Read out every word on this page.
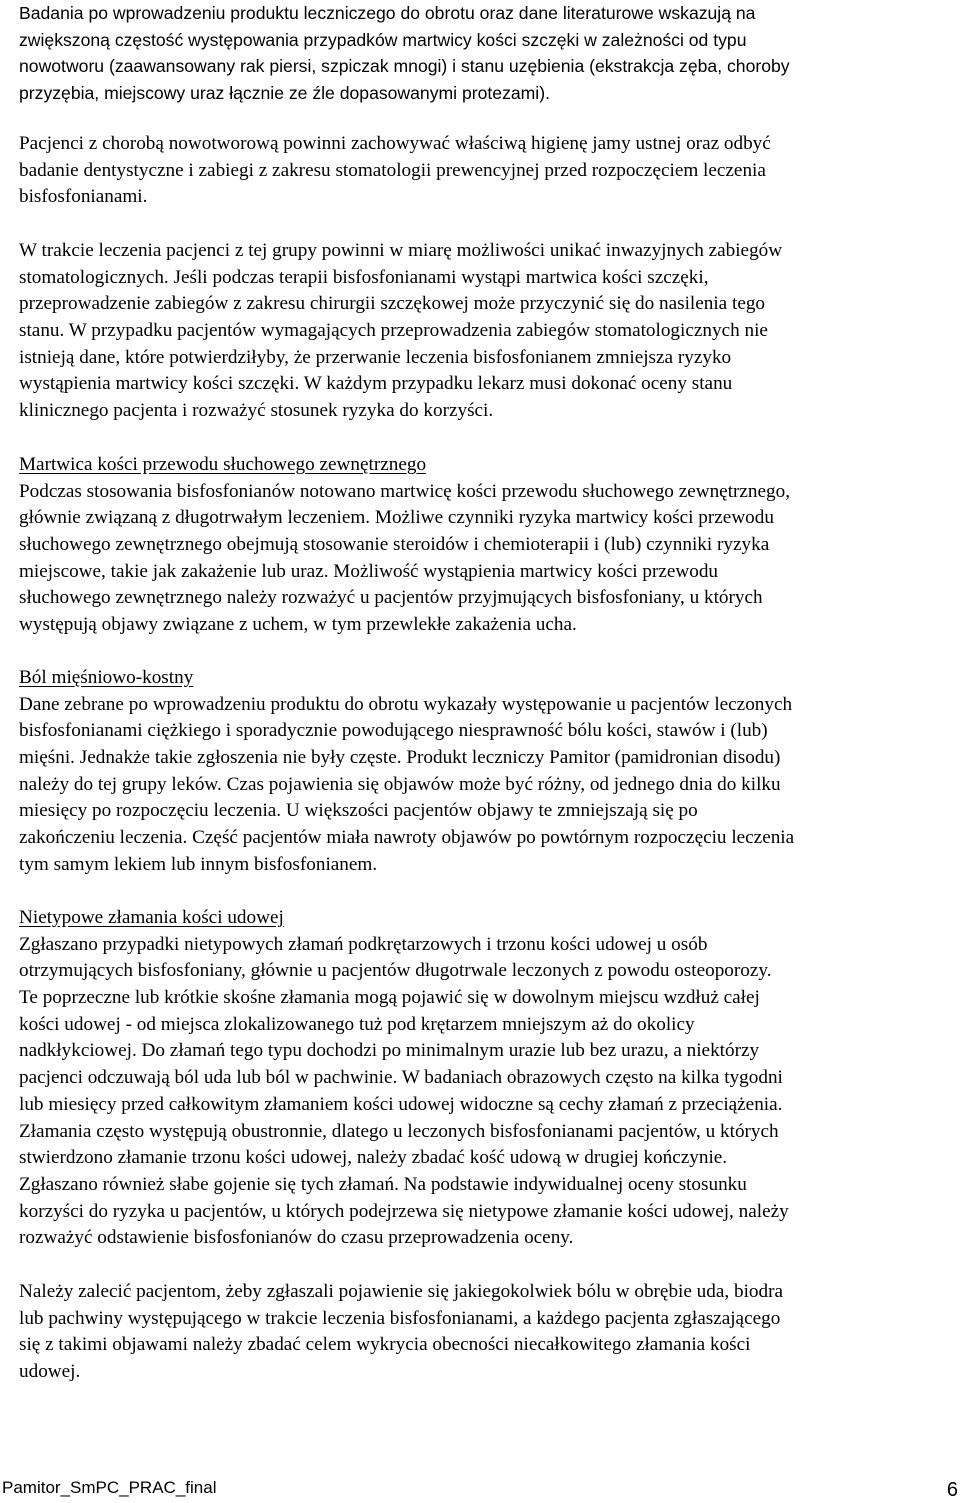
Badania po wprowadzeniu produktu leczniczego do obrotu oraz dane literaturowe wskazują na
zwiększoną częstość występowania przypadków martwicy kości szczęki w zależności od typu
nowotworu (zaawansowany rak piersi, szpiczak mnogi) i stanu uzębienia (ekstrakcja zęba, choroby
przyzębia, miejscowy uraz łącznie ze źle dopasowanymi protezami).
Pacjenci z chorobą nowotworową powinni zachowywać właściwą higienę jamy ustnej oraz odbyć
badanie dentystyczne i zabiegi z zakresu stomatologii prewencyjnej przed rozpoczęciem leczenia
bisfosfonianami.
W trakcie leczenia pacjenci z tej grupy powinni w miarę możliwości unikać inwazyjnych zabiegów
stomatologicznych. Jeśli podczas terapii bisfosfonianami wystąpi martwica kości szczęki,
przeprowadzenie zabiegów z zakresu chirurgii szczękowej może przyczynić się do nasilenia tego
stanu. W przypadku pacjentów wymagających przeprowadzenia zabiegów stomatologicznych nie
istnieją dane, które potwierdziłyby, że przerwanie leczenia bisfosfonianem zmniejsza ryzyko
wystąpienia martwicy kości szczęki. W każdym przypadku lekarz musi dokonać oceny stanu
klinicznego pacjenta i rozważyć stosunek ryzyka do korzyści.
Martwica kości przewodu słuchowego zewnętrznego
Podczas stosowania bisfosfonianów notowano martwicę kości przewodu słuchowego zewnętrznego,
głównie związaną z długotrwałym leczeniem. Możliwe czynniki ryzyka martwicy kości przewodu
słuchowego zewnętrznego obejmują stosowanie steroidów i chemioterapii i (lub) czynniki ryzyka
miejscowe, takie jak zakażenie lub uraz. Możliwość wystąpienia martwicy kości przewodu
słuchowego zewnętrznego należy rozważyć u pacjentów przyjmujących bisfosfoniany, u których
występują objawy związane z uchem, w tym przewlekłe zakażenia ucha.
Ból mięśniowo-kostny
Dane zebrane po wprowadzeniu produktu do obrotu wykazały występowanie u pacjentów leczonych
bisfosfonianami ciężkiego i sporadycznie powodującego niesprawność bólu kości, stawów i (lub)
mięśni. Jednakże takie zgłoszenia nie były częste. Produkt leczniczy Pamitor (pamidronian disodu)
należy do tej grupy leków. Czas pojawienia się objawów może być różny, od jednego dnia do kilku
miesięcy po rozpoczęciu leczenia. U większości pacjentów objawy te zmniejszają się po
zakończeniu leczenia. Część pacjentów miała nawroty objawów po powtórnym rozpoczęciu leczenia
tym samym lekiem lub innym bisfosfonianem.
Nietypowe złamania kości udowej
Zgłaszano przypadki nietypowych złamań podkrętarzowych i trzonu kości udowej u osób
otrzymujących bisfosfoniany, głównie u pacjentów długotrwale leczonych z powodu osteoporozy.
Te poprzeczne lub krótkie skośne złamania mogą pojawić się w dowolnym miejscu wzdłuż całej
kości udowej - od miejsca zlokalizowanego tuż pod krętarzem mniejszym aż do okolicy
nadkłykciowej. Do złamań tego typu dochodzi po minimalnym urazie lub bez urazu, a niektórzy
pacjenci odczuwają ból uda lub ból w pachwinie. W badaniach obrazowych często na kilka tygodni
lub miesięcy przed całkowitym złamaniem kości udowej widoczne są cechy złamań z przeciążenia.
Złamania często występują obustronnie, dlatego u leczonych bisfosfonianami pacjentów, u których
stwierdzono złamanie trzonu kości udowej, należy zbadać kość udową w drugiej kończynie.
Zgłaszano również słabe gojenie się tych złamań. Na podstawie indywidualnej oceny stosunku
korzyści do ryzyka u pacjentów, u których podejrzewa się nietypowe złamanie kości udowej, należy
rozważyć odstawienie bisfosfonianów do czasu przeprowadzenia oceny.
Należy zalecić pacjentom, żeby zgłaszali pojawienie się jakiegokolwiek bólu w obrębie uda, biodra
lub pachwiny występującego w trakcie leczenia bisfosfonianami, a każdego pacjenta zgłaszającego
się z takimi objawami należy zbadać celem wykrycia obecności niecałkowitego złamania kości
udowej.
Pamitor_SmPC_PRAC_final	6
